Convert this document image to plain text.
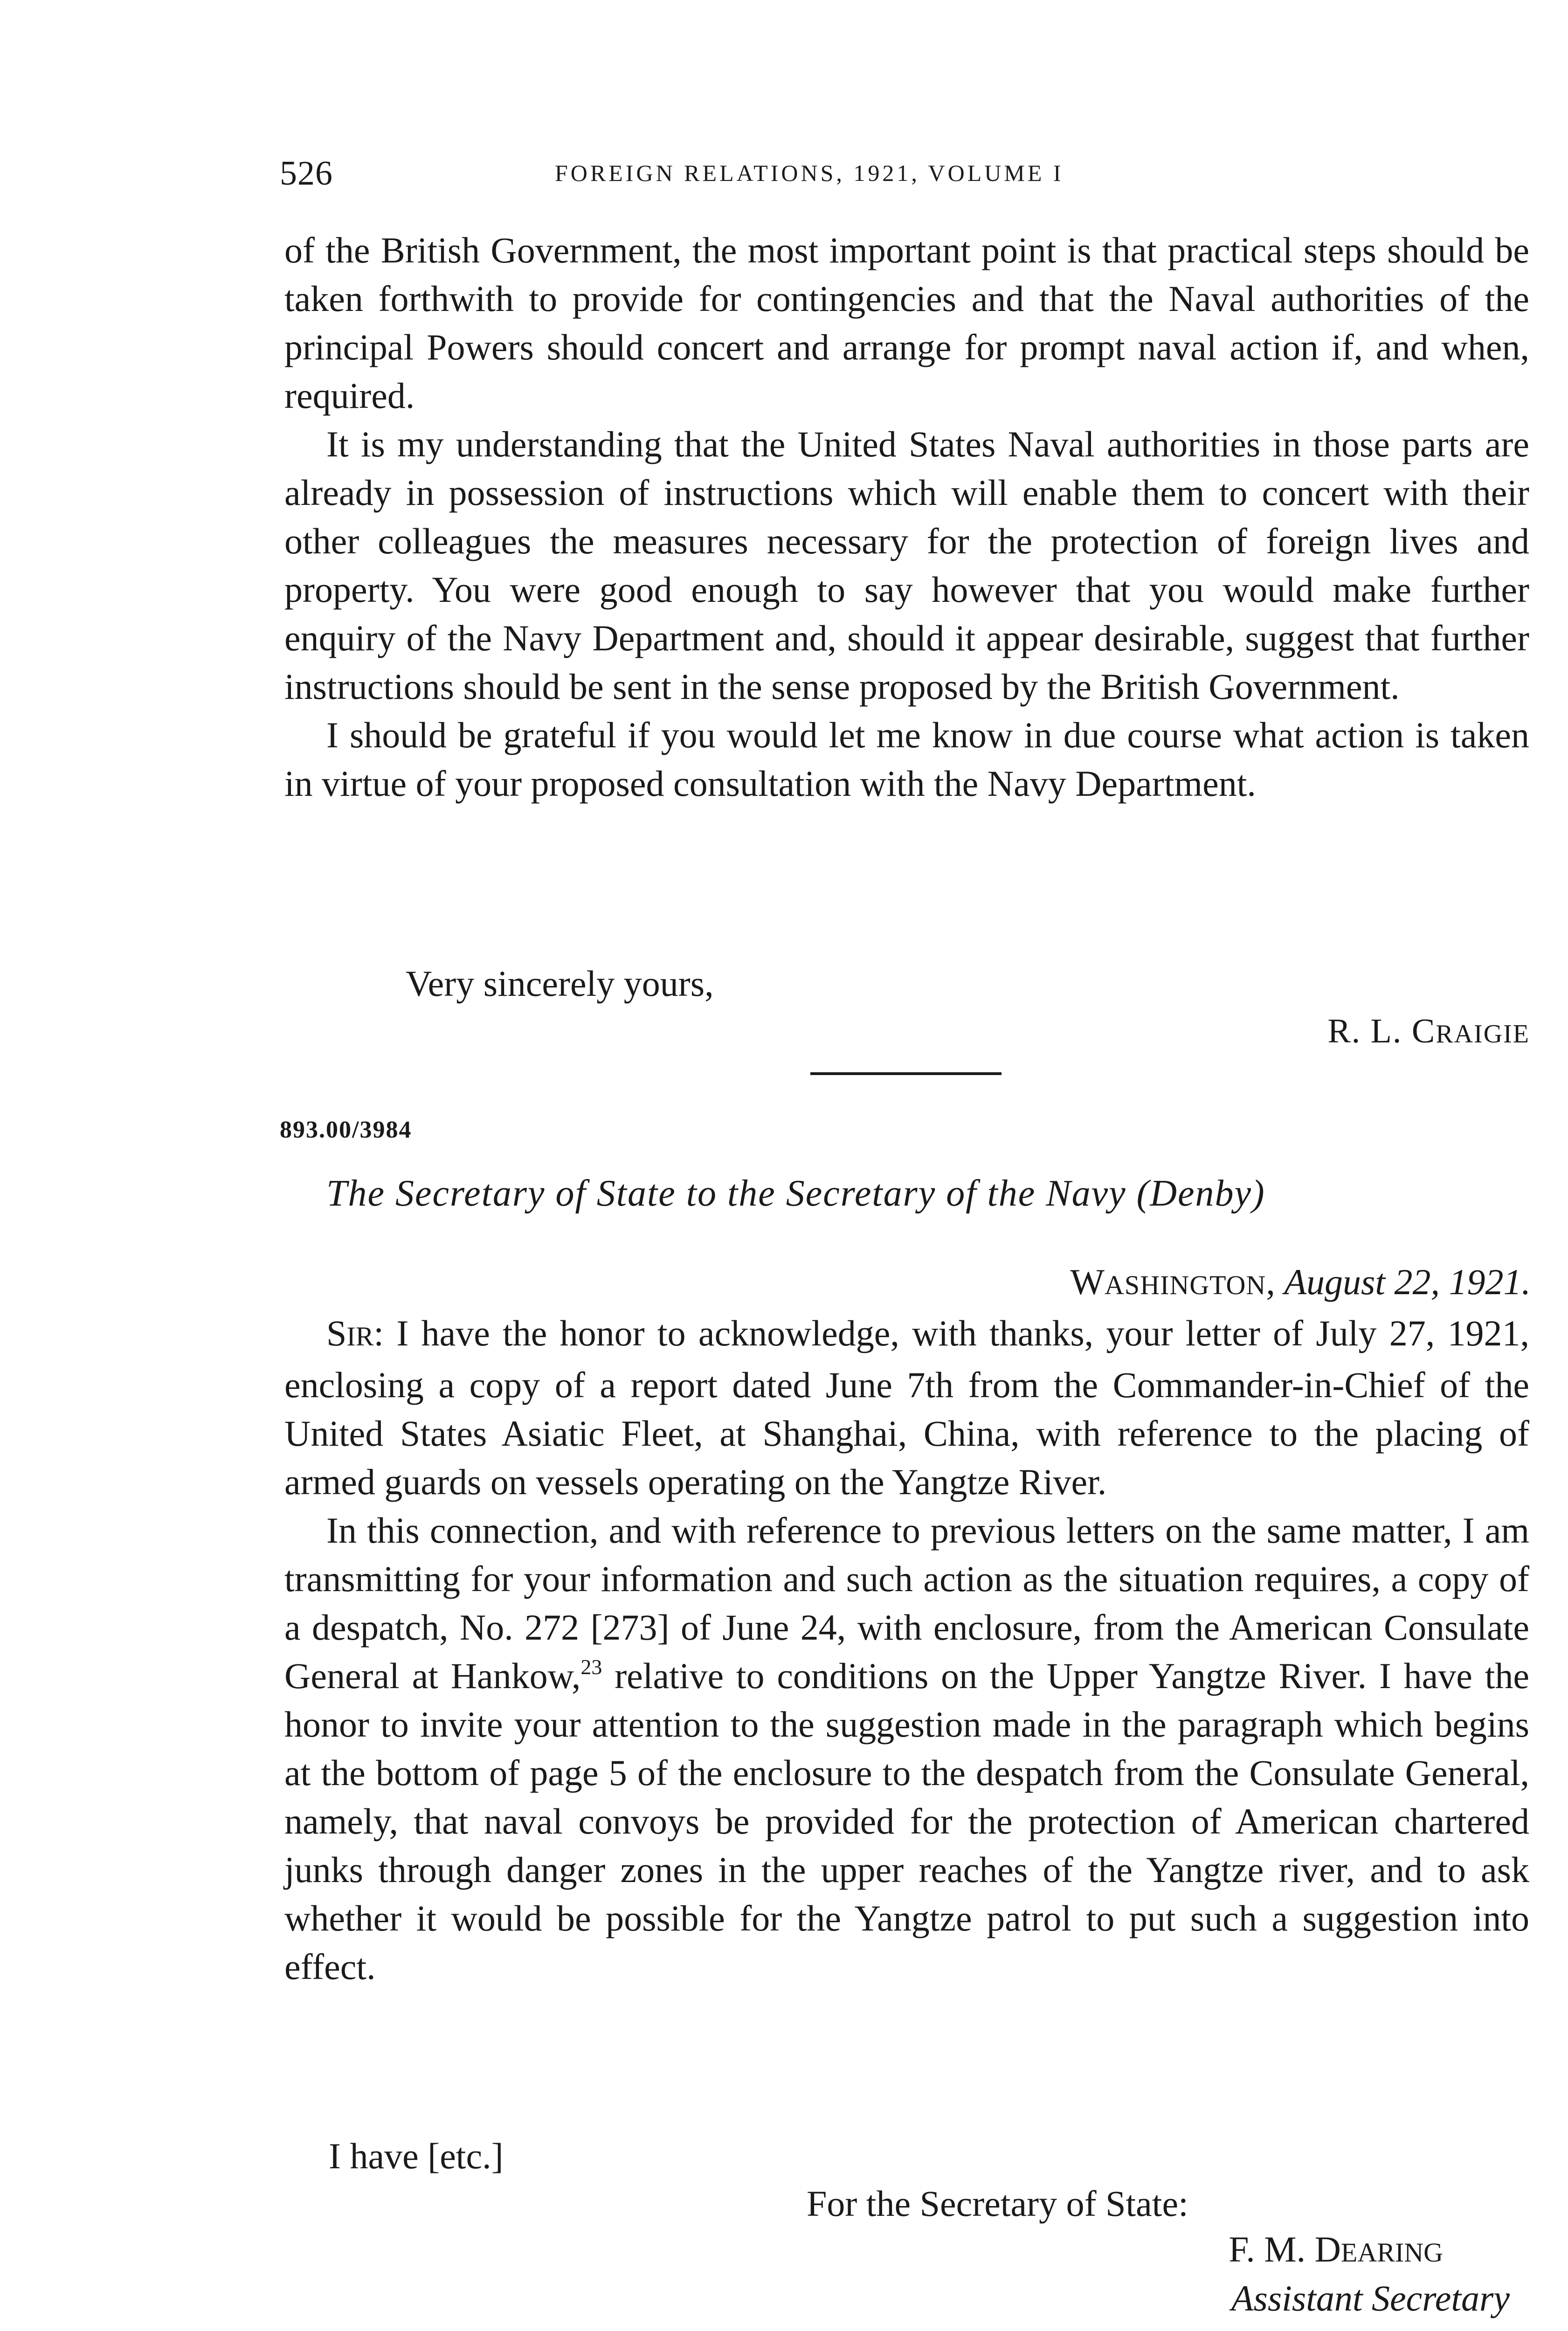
526	FOREIGN RELATIONS, 1921, VOLUME I

of the British Government, the most important point is that practical steps should be taken forthwith to provide for contingencies and that the Naval authorities of the principal Powers should concert and arrange for prompt naval action if, and when, required.

It is my understanding that the United States Naval authorities in those parts are already in possession of instructions which will enable them to concert with their other colleagues the measures necessary for the protection of foreign lives and property. You were good enough to say however that you would make further enquiry of the Navy Department and, should it appear desirable, suggest that further instructions should be sent in the sense proposed by the British Government.

I should be grateful if you would let me know in due course what action is taken in virtue of your proposed consultation with the Navy Department.

Very sincerely yours,
R. L. CRAIGIE
893.00/3984
The Secretary of State to the Secretary of the Navy (Denby)
WASHINGTON, August 22, 1921.

SIR: I have the honor to acknowledge, with thanks, your letter of July 27, 1921, enclosing a copy of a report dated June 7th from the Commander-in-Chief of the United States Asiatic Fleet, at Shanghai, China, with reference to the placing of armed guards on vessels operating on the Yangtze River.

In this connection, and with reference to previous letters on the same matter, I am transmitting for your information and such action as the situation requires, a copy of a despatch, No. 272 [273] of June 24, with enclosure, from the American Consulate General at Hankow,$^{23}$ relative to conditions on the Upper Yangtze River. I have the honor to invite your attention to the suggestion made in the paragraph which begins at the bottom of page 5 of the enclosure to the despatch from the Consulate General, namely, that naval convoys be provided for the protection of American chartered junks through danger zones in the upper reaches of the Yangtze river, and to ask whether it would be possible for the Yangtze patrol to put such a suggestion into effect.

I have [etc.]
For the Secretary of State:
F. M. DEARING
Assistant Secretary
